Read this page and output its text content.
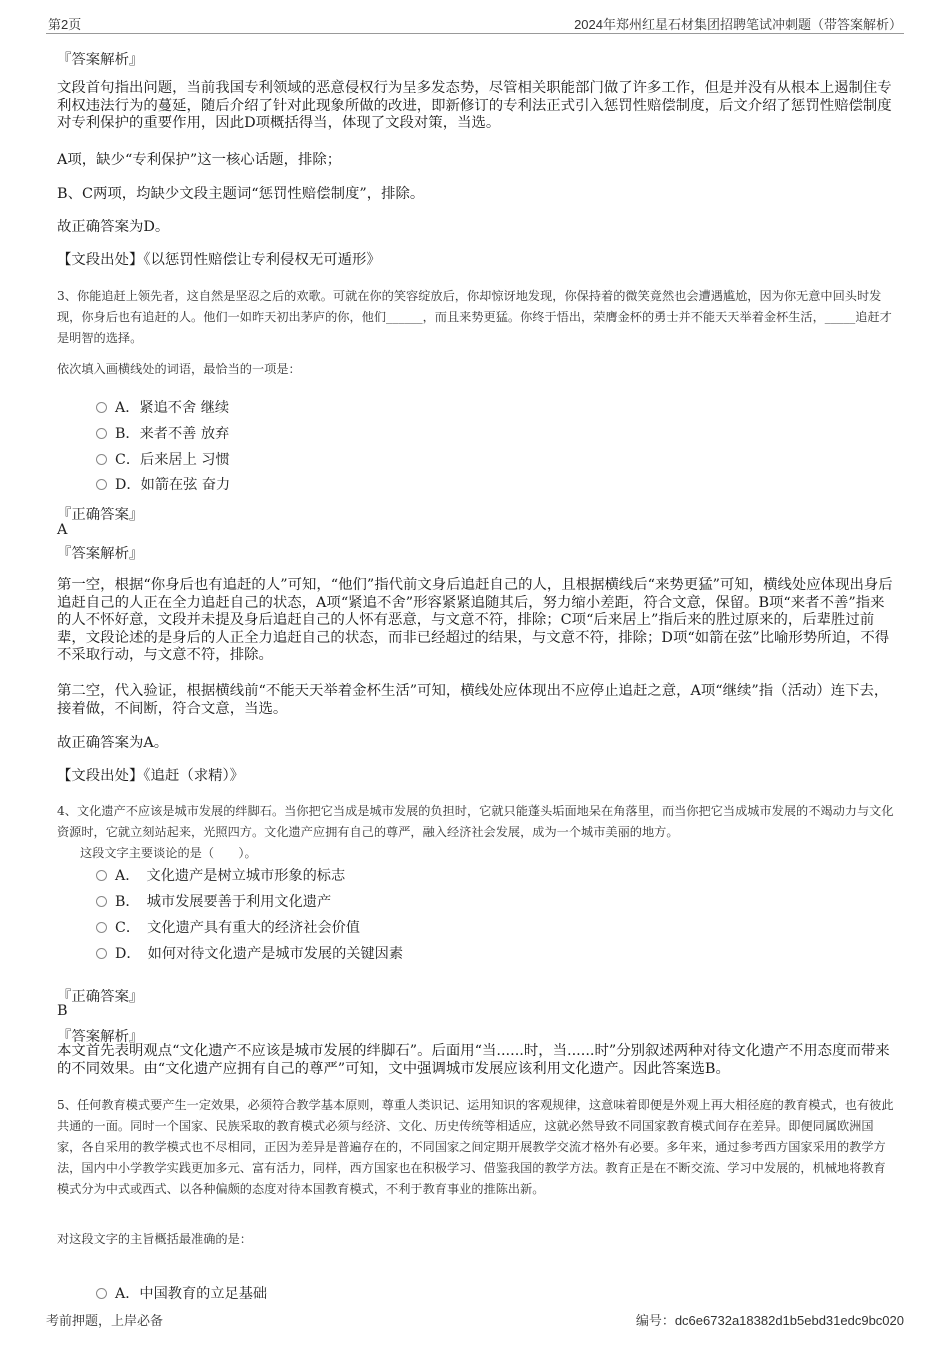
第2页	2024年郑州红星石材集团招聘笔试冲刺题（带答案解析）
『答案解析』
文段首句指出问题，当前我国专利领域的恶意侵权行为呈多发态势，尽管相关职能部门做了许多工作，但是并没有从根本上遏制住专利权违法行为的蔓延，随后介绍了针对此现象所做的改进，即新修订的专利法正式引入惩罚性赔偿制度，后文介绍了惩罚性赔偿制度对专利保护的重要作用，因此D项概括得当，体现了文段对策，当选。
A项，缺少“专利保护”这一核心话题，排除；
B、C两项，均缺少文段主题词“惩罚性赔偿制度”，排除。
故正确答案为D。
【文段出处】《以惩罚性赔偿让专利侵权无可遁形》
3、你能追赶上领先者，这自然是坚忍之后的欢歌。可就在你的笑容绽放后，你却惊讶地发现，你保持着的微笑竟然也会遭遇尴尬，因为你无意中回头时发现，你身后也有追赶的人。他们一如昨天初出茅庐的你，他们______，而且来势更猛。你终于悟出，荣膺金杯的勇士并不能天天举着金杯生活，_____追赶才是明智的选择。
依次填入画横线处的词语，最恰当的一项是：
A．紧追不舍 继续
B．来者不善 放弃
C．后来居上 习惯
D．如箭在弦 奋力
『正确答案』
A
『答案解析』
第一空，根据“你身后也有追赶的人”可知，“他们”指代前文身后追赶自己的人，且根据横线后“来势更猛”可知，横线处应体现出身后追赶自己的人正在全力追赶自己的状态，A项“紧追不舍”形容紧紧追随其后，努力缩小差距，符合文意，保留。B项“来者不善”指来的人不怀好意，文段并未提及身后追赶自己的人怀有恶意，与文意不符，排除；C项“后来居上”指后来的胜过原来的，后辈胜过前辈，文段论述的是身后的人正全力追赶自己的状态，而非已经超过的结果，与文意不符，排除；D项“如箭在弦”比喻形势所迫，不得不采取行动，与文意不符，排除。
第二空，代入验证，根据横线前“不能天天举着金杯生活”可知，横线处应体现出不应停止追赶之意，A项“继续”指（活动）连下去，接着做，不间断，符合文意，当选。
故正确答案为A。
【文段出处】《追赶（求精）》
4、文化遗产不应该是城市发展的绊脚石。当你把它当成是城市发展的负担时，它就只能蓬头垢面地呆在角落里，而当你把它当成城市发展的不竭动力与文化资源时，它就立刻站起来，光照四方。文化遗产应拥有自己的尊严，融入经济社会发展，成为一个城市美丽的地方。
这段文字主要谈论的是（　　）。
A．　文化遗产是树立城市形象的标志
B．　城市发展要善于利用文化遗产
C．　文化遗产具有重大的经济社会价值
D．　如何对待文化遗产是城市发展的关键因素
『正确答案』
B
『答案解析』
本文首先表明观点“文化遗产不应该是城市发展的绊脚石”。后面用“当......时，当......时”分别叙述两种对待文化遗产不用态度而带来的不同效果。由“文化遗产应拥有自己的尊严”可知，文中强调城市发展应该利用文化遗产。因此答案选B。
5、任何教育模式要产生一定效果，必须符合教学基本原则，尊重人类识记、运用知识的客观规律，这意味着即便是外观上再大相径庭的教育模式，也有彼此共通的一面。同时一个国家、民族采取的教育模式必须与经济、文化、历史传统等相适应，这就必然导致不同国家教育模式间存在差异。即便同属欧洲国家，各自采用的教学模式也不尽相同，正因为差异是普遍存在的，不同国家之间定期开展教学交流才格外有必要。多年来，通过参考西方国家采用的教学方法，国内中小学教学实践更加多元、富有活力，同样，西方国家也在积极学习、借鉴我国的教学方法。教育正是在不断交流、学习中发展的，机械地将教育模式分为中式或西式、以各种偏颇的态度对待本国教育模式，不利于教育事业的推陈出新。
对这段文字的主旨概括最准确的是：
A．中国教育的立足基础
考前押题，上岸必备	编号：dc6e6732a18382d1b5ebd31edc9bc020
